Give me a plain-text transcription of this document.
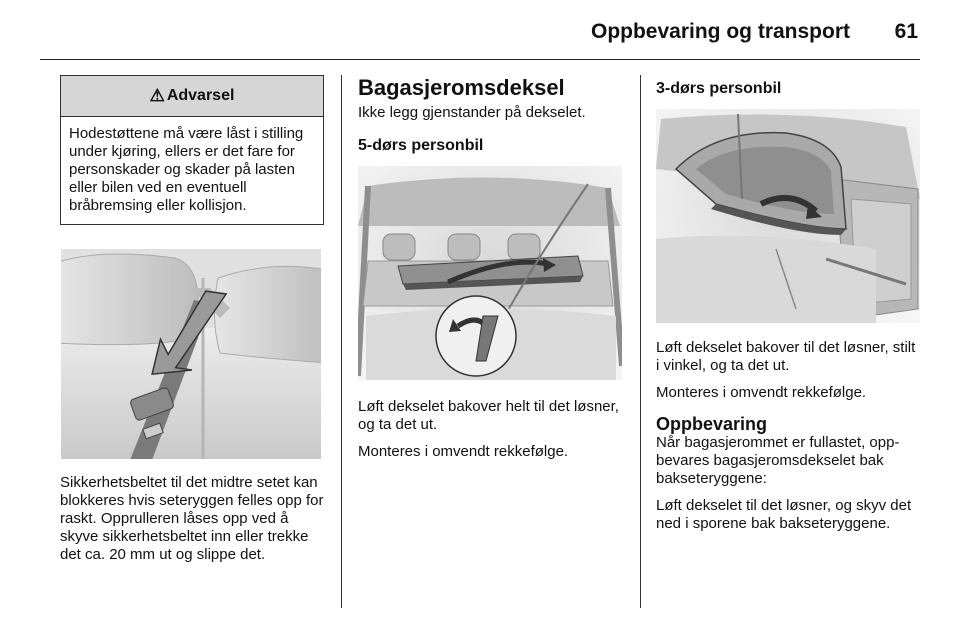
Oppbevaring og transport 61
⚠ Advarsel
Hodestøttene må være låst i stilling under kjøring, ellers er det fare for personskader og skader på lasten eller bilen ved en eventuell bråbremsing eller kollisjon.

Sikkerhetsbeltet til det midtre setet kan blokkeres hvis seteryggen felles opp for raskt. Opprulleren låses opp ved å skyve sikkerhetsbeltet inn eller trekke det ca. 20 mm ut og slippe det.

Bagasjeromsdeksel

Ikke legg gjenstander på dekselet.

5-dørs personbil

Løft dekselet bakover helt til det løsner, og ta det ut.

Monteres i omvendt rekkefølge.

3-dørs personbil

Løft dekselet bakover til det løsner, stilt i vinkel, og ta det ut.

Monteres i omvendt rekkefølge.

Oppbevaring

Når bagasjerommet er fullastet, oppbevares bagasjeromsdekselet bak bakseteryggene:

Løft dekselet til det løsner, og skyv det ned i sporene bak bakseteryggene.
